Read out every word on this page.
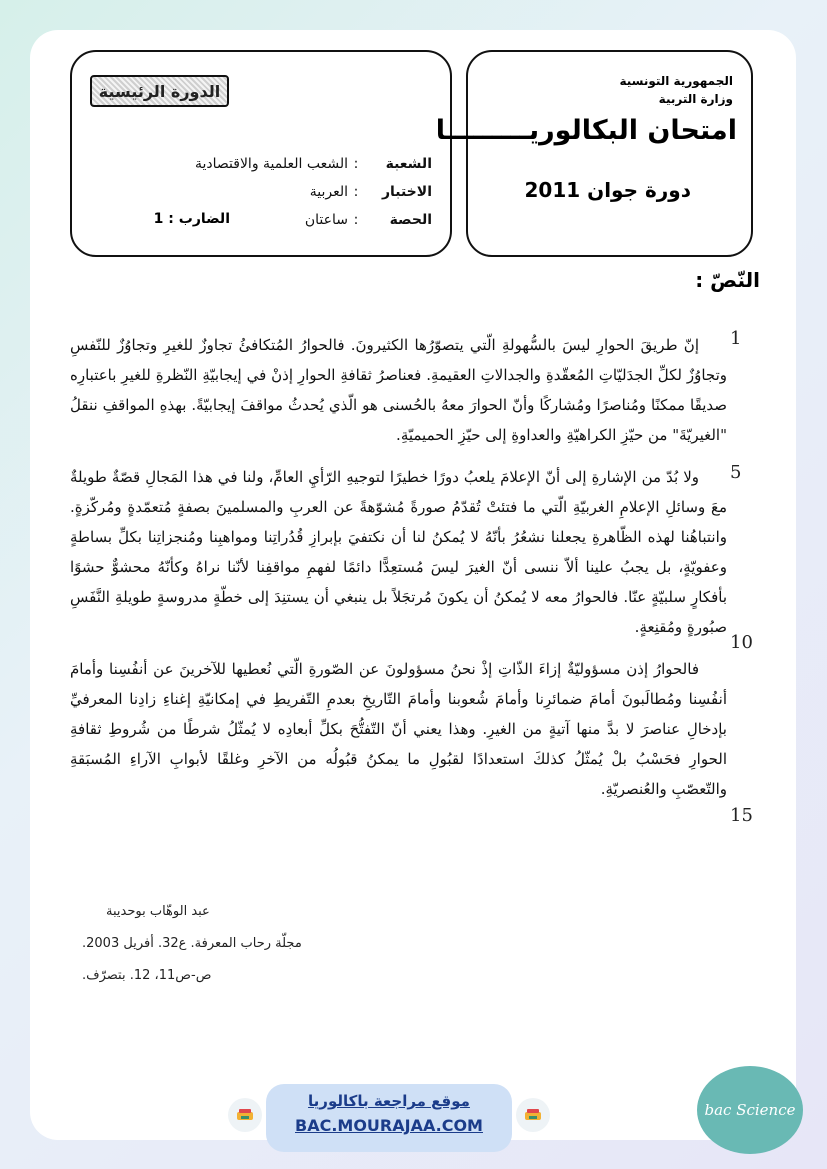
الدورة الرئيسية
الشعبة
:
الشعب العلمية والاقتصادية
الاختبار
:
العربية
الحصة
:
ساعتان
الضارب : 1
الجمهورية التونسية
وزارة التربية
امتحان البكالوريـــــــــا
دورة جوان 2011
النّصّ :
1
5
10
15

إنّ طريقَ الحوارِ ليسَ بالسُّهولةِ الّتي يتصوّرُها الكثيرونَ. فالحوارُ المُتكافئُ تجاوزٌ للغيرِ وتجاوُزٌ للنّفسِ وتجاوُزٌ لكلِّ الجدَليّاتِ المُعقّدةِ والجدالاتِ العقيمةِ. فعناصرُ ثقافةِ الحوارِ إذنْ في إيجابيّةِ النّظرةِ للغيرِ باعتبارِه صديقًا ممكنًا ومُناصرًا ومُشاركًا وأنّ الحوارَ معهُ بالحُسنى هو الّذي يُحدثُ مواقفَ إيجابيّةً. بهذهِ المواقفِ ننقلُ "الغيريّةَ" من حيّزِ الكراهيّةِ والعداوةِ إلى حيّزِ الحميميّةِ.

ولا بُدّ من الإشارةِ إلى أنّ الإعلامَ يلعبُ دورًا خطيرًا لتوجيهِ الرّأيِ العامِّ، ولنا في هذا المَجالِ قصّةٌ طويلةٌ معَ وسائلِ الإعلامِ الغربيّةِ الّتي ما فتئتْ تُقدّمُ صورةً مُشوّهةً عن العربِ والمسلمينَ بصفةٍ مُتعمّدةٍ ومُركّزةٍ. وانتباهُنا لهذه الظّاهرةِ يجعلنا نشعُرُ بأنّهُ لا يُمكنُ لنا أن نكتفيَ بإبرازِ قُدُراتِنا ومواهبِنا ومُنجزاتِنا بكلِّ بساطةٍ وعفويّةٍ، بل يجبُ علينا ألاّ ننسى أنّ الغيرَ ليسَ مُستعِدًّا دائمًا لفهمِ مواقفِنا لأنّنا نراهُ وكأنّهُ محشوٌّ حشوًا بأفكارٍ سلبيّةٍ عنّا. فالحوارُ معه لا يُمكنُ أن يكونَ مُرتجَلاً بل ينبغي أن يستنِدَ إلى خطّةٍ مدروسةٍ طويلةِ النَّفَسِ صبُورةٍ ومُقنِعةٍ.

فالحوارُ إذن مسؤوليّةٌ إزاءَ الذّاتِ إذْ نحنُ مسؤولونَ عن الصّورةِ الّتي نُعطيها للآخرينَ عن أنفُسِنا وأمامَ أنفُسِنا ومُطالَبونَ أمامَ ضمائرِنا وأمامَ شُعوبنا وأمامَ التّاريخِ بعدمِ التّفريطِ في إمكانيّةِ إغناءِ زادِنا المعرفيِّ بإدخالِ عناصرَ لا بدَّ منها آتيةٍ من الغيرِ. وهذا يعني أنّ التّفتُّحَ بكلِّ أبعادِه لا يُمثّلُ شرطًا من شُروطِ ثقافةِ الحوارِ فحَسْبُ بلْ يُمثّلُ كذلكَ استعدادًا لقبُولِ ما يمكنُ قبُولُه من الآخرِ وغلقًا لأبوابِ الآراءِ المُسبَقةِ والتّعصّبِ والعُنصريّةِ.

عبد الوهّاب بوحديبة
مجلّة رحاب المعرفة. ع32. أفريل 2003.
ص-ص11، 12. بتصرّف.
موقع مراجعة باكالوريا
BAC.MOURAJAA.COM
bac Science
